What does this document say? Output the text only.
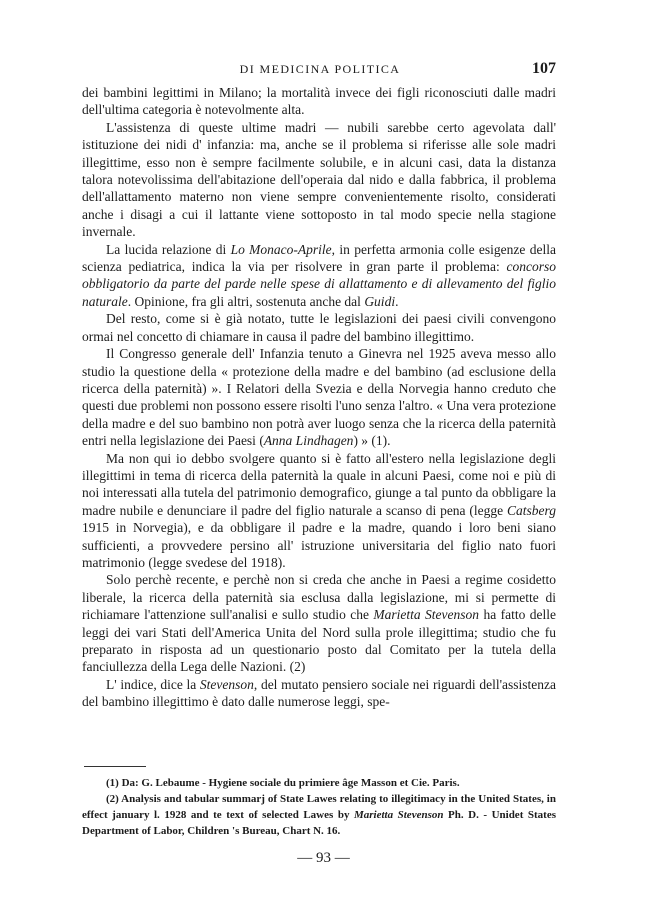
DI MEDICINA POLITICA	107

dei bambini legittimi in Milano; la mortalità invece dei figli riconosciuti dalle madri dell'ultima categoria è notevolmente alta.

L'assistenza di queste ultime madri — nubili sarebbe certo agevolata dall' istituzione dei nidi d' infanzia: ma, anche se il problema si riferisse alle sole madri illegittime, esso non è sempre facilmente solubile, e in alcuni casi, data la distanza talora notevolissima dell'abitazione dell'operaia dal nido e dalla fabbrica, il problema dell'allattamento materno non viene sempre convenientemente risolto, considerati anche i disagi a cui il lattante viene sottoposto in tal modo specie nella stagione invernale.

La lucida relazione di Lo Monaco-Aprile, in perfetta armonia colle esigenze della scienza pediatrica, indica la via per risolvere in gran parte il problema: concorso obbligatorio da parte del parde nelle spese di allattamento e di allevamento del figlio naturale. Opinione, fra gli altri, sostenuta anche dal Guidi.

Del resto, come si è già notato, tutte le legislazioni dei paesi civili convengono ormai nel concetto di chiamare in causa il padre del bambino illegittimo.

Il Congresso generale dell' Infanzia tenuto a Ginevra nel 1925 aveva messo allo studio la questione della « protezione della madre e del bambino (ad esclusione della ricerca della paternità) ». I Relatori della Svezia e della Norvegia hanno creduto che questi due problemi non possono essere risolti l'uno senza l'altro. « Una vera protezione della madre e del suo bambino non potrà aver luogo senza che la ricerca della paternità entri nella legislazione dei Paesi (Anna Lindhagen) » (1).

Ma non qui io debbo svolgere quanto si è fatto all'estero nella legislazione degli illegittimi in tema di ricerca della paternità la quale in alcuni Paesi, come noi e più di noi interessati alla tutela del patrimonio demografico, giunge a tal punto da obbligare la madre nubile e denunciare il padre del figlio naturale a scanso di pena (legge Catsberg 1915 in Norvegia), e da obbligare il padre e la madre, quando i loro beni siano sufficienti, a provvedere persino all' istruzione universitaria del figlio nato fuori matrimonio (legge svedese del 1918).

Solo perchè recente, e perchè non si creda che anche in Paesi a regime cosidetto liberale, la ricerca della paternità sia esclusa dalla legislazione, mi si permette di richiamare l'attenzione sull'analisi e sullo studio che Marietta Stevenson ha fatto delle leggi dei vari Stati dell'America Unita del Nord sulla prole illegittima; studio che fu preparato in risposta ad un questionario posto dal Comitato per la tutela della fanciullezza della Lega delle Nazioni. (2)

L' indice, dice la Stevenson, del mutato pensiero sociale nei riguardi dell'assistenza del bambino illegittimo è dato dalle numerose leggi, spe-

(1) Da: G. Lebaume - Hygiene sociale du primiere âge Masson et Cie. Paris.

(2) Analysis and tabular summarj of State Lawes relating to illegitimacy in the United States, in effect january l. 1928 and te text of selected Lawes by Marietta Stevenson Ph. D. - Unidet States Department of Labor, Children 's Bureau, Chart N. 16.

— 93 —
